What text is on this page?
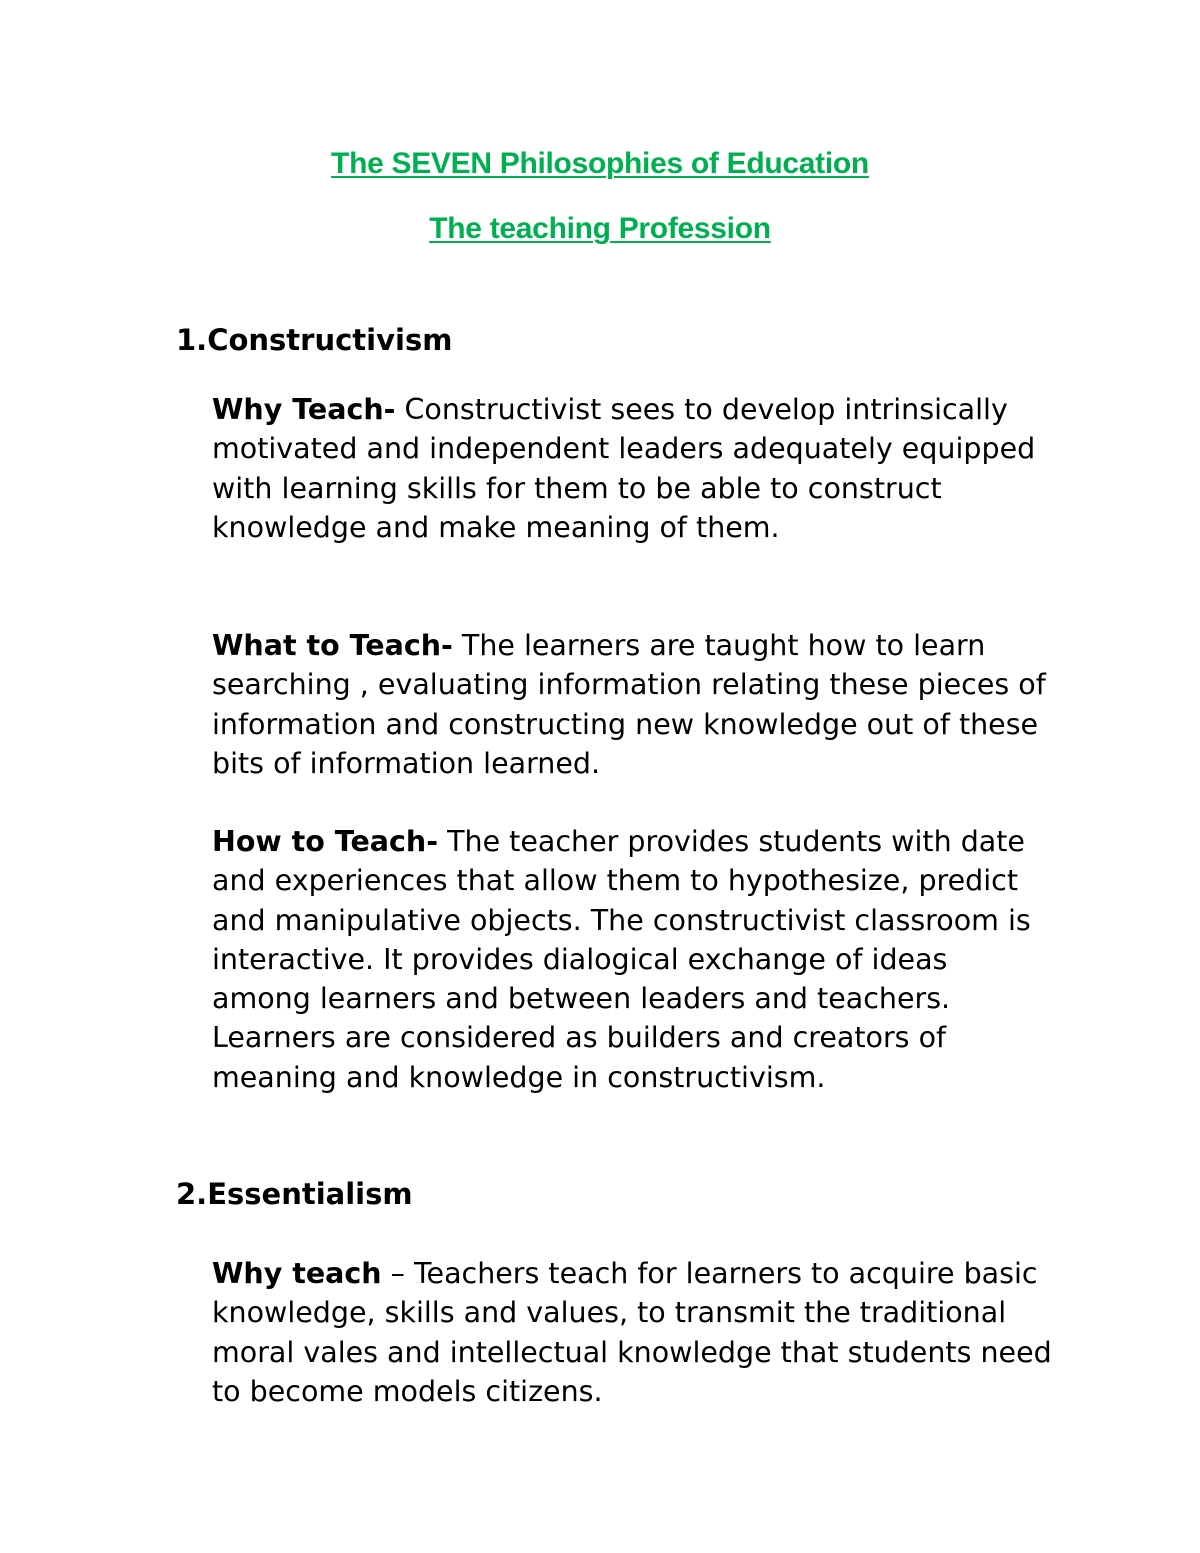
The SEVEN Philosophies of Education
The teaching Profession
1.Constructivism

Why Teach- Constructivist sees to develop intrinsically motivated and independent leaders adequately equipped with learning skills for them to be able to construct knowledge and make meaning of them.

What to Teach- The learners are taught how to learn searching , evaluating information relating these pieces of information and constructing new knowledge out of these bits of information learned.

How to Teach- The teacher provides students with date and experiences that allow them to hypothesize, predict and manipulative objects. The constructivist classroom is interactive. It provides dialogical exchange of ideas among learners and between leaders and teachers. Learners are considered as builders and creators of meaning and knowledge in constructivism.

2.Essentialism

Why teach – Teachers teach for learners to acquire basic knowledge, skills and values, to transmit the traditional moral vales and intellectual knowledge that students need to become models citizens.
